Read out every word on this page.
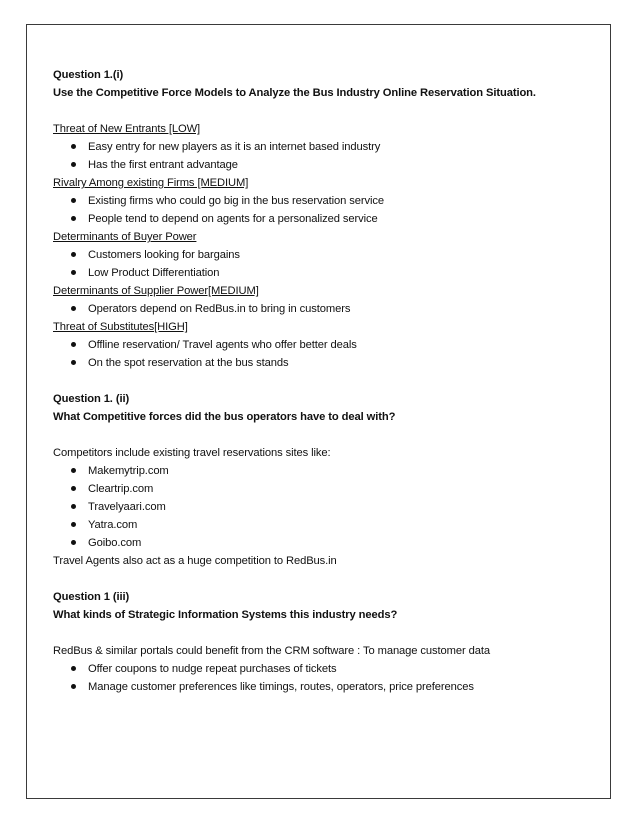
Question 1.(i)

Use the Competitive Force Models to Analyze the Bus Industry Online Reservation Situation.

Threat of New Entrants [LOW]

Easy entry for new players as it is an internet based industry
Has the first entrant advantage

Rivalry Among existing Firms [MEDIUM]

Existing firms who could go big in the bus reservation service
People tend to depend on agents for a personalized service

Determinants of Buyer Power

Customers looking for bargains
Low Product Differentiation

Determinants of Supplier Power[MEDIUM]

Operators depend on RedBus.in to bring in customers

Threat of Substitutes[HIGH]

Offline reservation/ Travel agents who offer better deals
On the spot reservation at the bus stands

Question 1. (ii)

What Competitive forces did the bus operators have to deal with?

Competitors include existing travel reservations sites like:

Makemytrip.com
Cleartrip.com
Travelyaari.com
Yatra.com
Goibo.com

Travel Agents also act as a huge competition to RedBus.in

Question 1 (iii)

What kinds of Strategic Information Systems this industry needs?

RedBus & similar portals could benefit from the CRM software : To manage customer data

Offer coupons to nudge repeat purchases of tickets
Manage customer preferences like timings, routes, operators, price preferences
